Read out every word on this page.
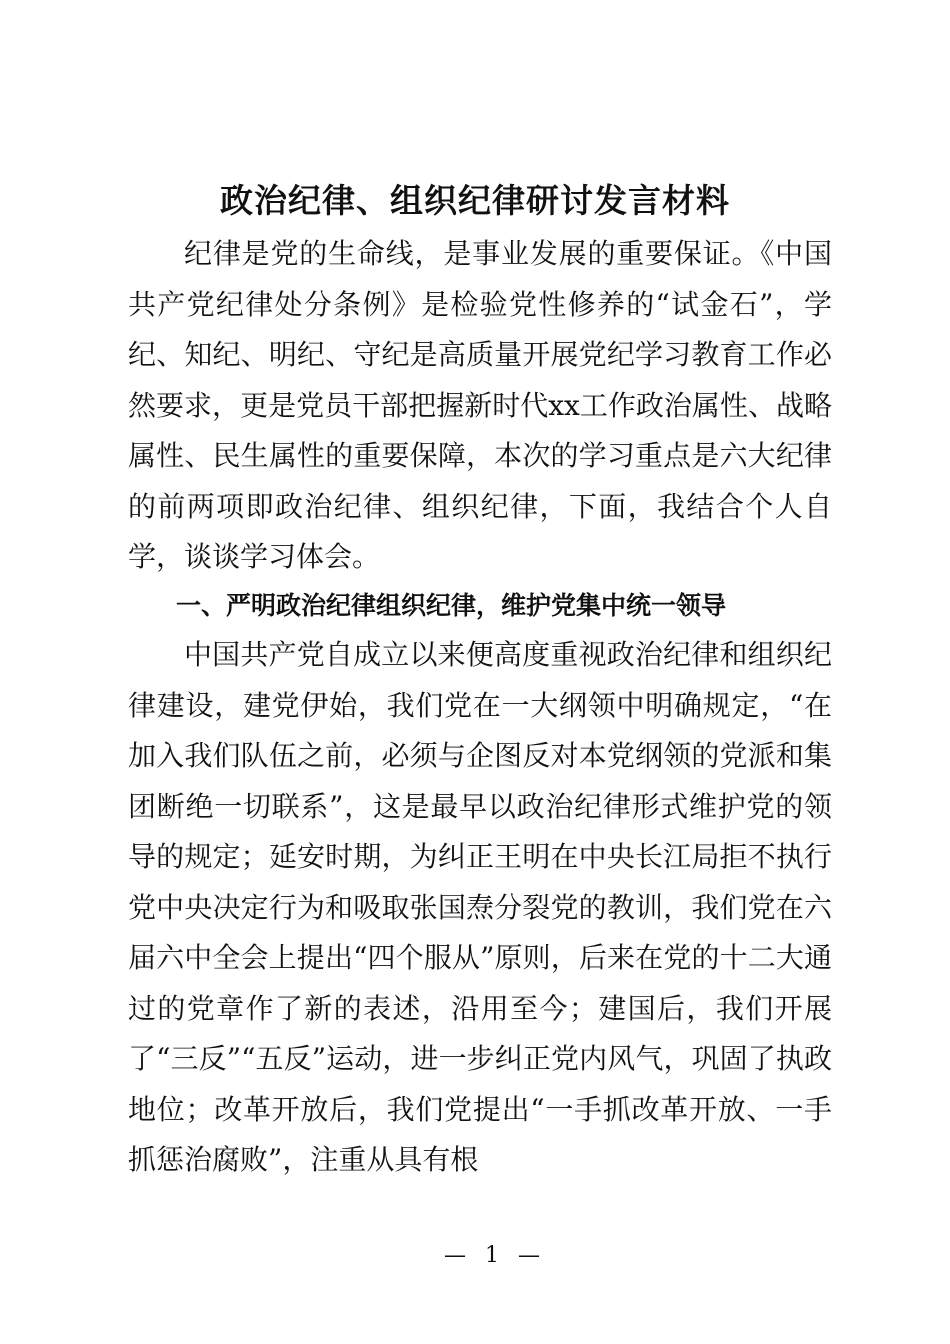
政治纪律、组织纪律研讨发言材料

纪律是党的生命线，是事业发展的重要保证。《中国共产党纪律处分条例》是检验党性修养的“试金石”，学纪、知纪、明纪、守纪是高质量开展党纪学习教育工作必然要求，更是党员干部把握新时代xx工作政治属性、战略属性、民生属性的重要保障，本次的学习重点是六大纪律的前两项即政治纪律、组织纪律，下面，我结合个人自学，谈谈学习体会。

一、严明政治纪律组织纪律，维护党集中统一领导

中国共产党自成立以来便高度重视政治纪律和组织纪律建设，建党伊始，我们党在一大纲领中明确规定，“在加入我们队伍之前，必须与企图反对本党纲领的党派和集团断绝一切联系”，这是最早以政治纪律形式维护党的领导的规定；延安时期，为纠正王明在中央长江局拒不执行党中央决定行为和吸取张国焘分裂党的教训，我们党在六届六中全会上提出“四个服从”原则，后来在党的十二大通过的党章作了新的表述，沿用至今；建国后，我们开展了“三反”“五反”运动，进一步纠正党内风气，巩固了执政地位；改革开放后，我们党提出“一手抓改革开放、一手抓惩治腐败”，注重从具有根

— 1 —
